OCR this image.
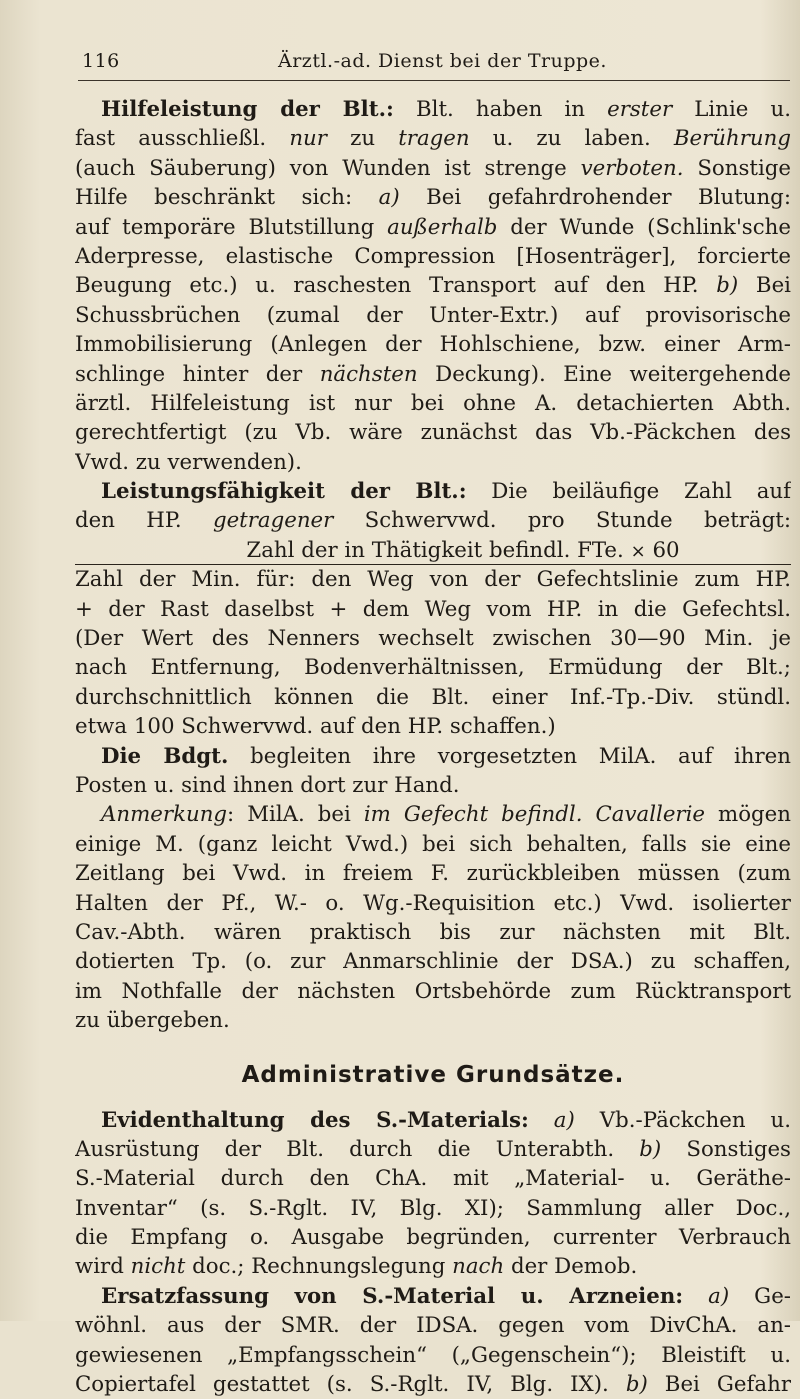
116	Ärztl.-ad. Dienst bei der Truppe.
Hilfeleistung der Blt.: Blt. haben in erster Linie u.
fast ausschließl. nur zu tragen u. zu laben. Berührung
(auch Säuberung) von Wunden ist strenge verboten. Sonstige
Hilfe beschränkt sich: a) Bei gefahrdrohender Blutung:
auf temporäre Blutstillung außerhalb der Wunde (Schlink'sche
Aderpresse, elastische Compression [Hosenträger], forcierte
Beugung etc.) u. raschesten Transport auf den HP. b) Bei
Schussbrüchen (zumal der Unter-Extr.) auf provisorische
Immobilisierung (Anlegen der Hohlschiene, bzw. einer Arm-
schlinge hinter der nächsten Deckung). Eine weitergehende
ärztl. Hilfeleistung ist nur bei ohne A. detachierten Abth.
gerechtfertigt (zu Vb. wäre zunächst das Vb.-Päckchen des
Vwd. zu verwenden).
Leistungsfähigkeit der Blt.: Die beiläufige Zahl auf
den HP. getragener Schwervwd. pro Stunde beträgt:
Zahl der in Thätigkeit befindl. FTe. × 60
Zahl der Min. für: den Weg von der Gefechtslinie zum HP.
+ der Rast daselbst + dem Weg vom HP. in die Gefechtsl.
(Der Wert des Nenners wechselt zwischen 30—90 Min. je
nach Entfernung, Bodenverhältnissen, Ermüdung der Blt.;
durchschnittlich können die Blt. einer Inf.-Tp.-Div. stündl.
etwa 100 Schwervwd. auf den HP. schaffen.)
Die Bdgt. begleiten ihre vorgesetzten MilA. auf ihren
Posten u. sind ihnen dort zur Hand.
Anmerkung: MilA. bei im Gefecht befindl. Cavallerie mögen
einige M. (ganz leicht Vwd.) bei sich behalten, falls sie eine
Zeitlang bei Vwd. in freiem F. zurückbleiben müssen (zum
Halten der Pf., W.- o. Wg.-Requisition etc.) Vwd. isolierter
Cav.-Abth. wären praktisch bis zur nächsten mit Blt.
dotierten Tp. (o. zur Anmarschlinie der DSA.) zu schaffen,
im Nothfalle der nächsten Ortsbehörde zum Rücktransport
zu übergeben.
Administrative Grundsätze.
Evidenthaltung des S.-Materials: a) Vb.-Päckchen u.
Ausrüstung der Blt. durch die Unterabth. b) Sonstiges
S.-Material durch den ChA. mit „Material- u. Geräthe-
Inventar“ (s. S.-Rglt. IV, Blg. XI); Sammlung aller Doc.,
die Empfang o. Ausgabe begründen, currenter Verbrauch
wird nicht doc.; Rechnungslegung nach der Demob.
Ersatzfassung von S.-Material u. Arzneien: a) Ge-
wöhnl. aus der SMR. der IDSA. gegen vom DivChA. an-
gewiesenen „Empfangsschein“ („Gegenschein“); Bleistift u.
Copiertafel gestattet (s. S.-Rglt. IV, Blg. IX). b) Bei Gefahr
